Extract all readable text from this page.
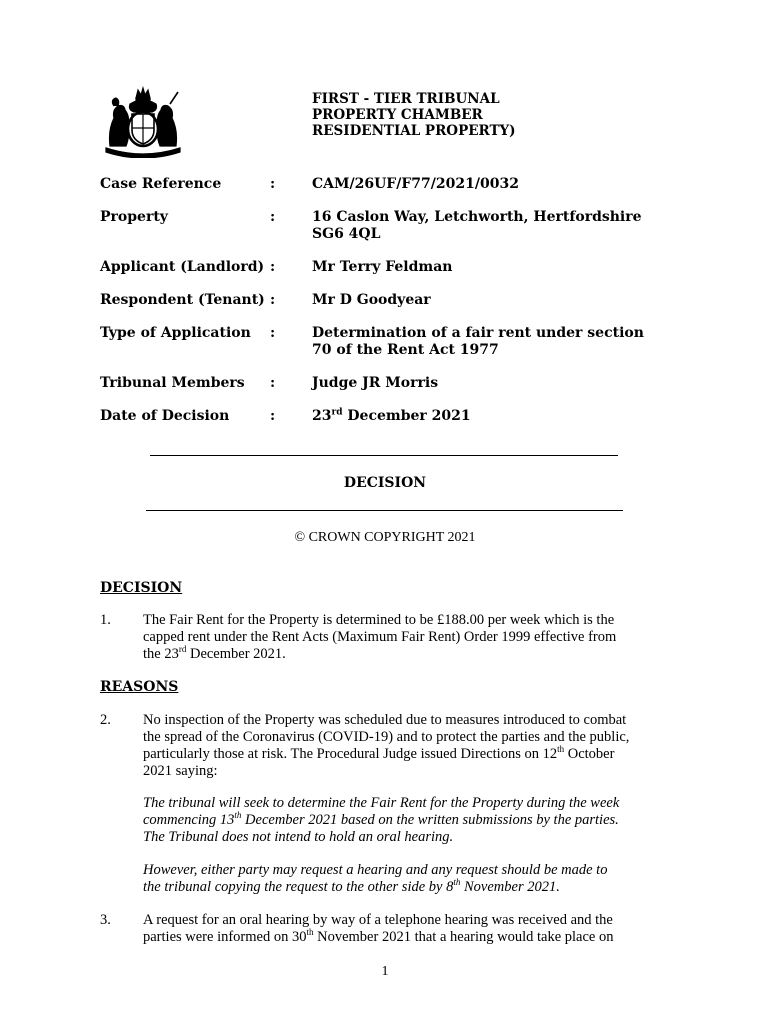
FIRST - TIER TRIBUNAL
PROPERTY CHAMBER
RESIDENTIAL PROPERTY)
Case Reference	:	CAM/26UF/F77/2021/0032
Property	:	16 Caslon Way, Letchworth, Hertfordshire
SG6 4QL
Applicant (Landlord) :	Mr Terry Feldman
Respondent (Tenant) :	Mr D Goodyear
Type of Application :	Determination of a fair rent under section
70 of the Rent Act 1977
Tribunal Members :	Judge JR Morris
Date of Decision	:	23rd December 2021
DECISION
© CROWN COPYRIGHT 2021
DECISION
1. The Fair Rent for the Property is determined to be £188.00 per week which is the
capped rent under the Rent Acts (Maximum Fair Rent) Order 1999 effective from
the 23rd December 2021.
REASONS
2. No inspection of the Property was scheduled due to measures introduced to combat
the spread of the Coronavirus (COVID-19) and to protect the parties and the public,
particularly those at risk. The Procedural Judge issued Directions on 12th October
2021 saying:
The tribunal will seek to determine the Fair Rent for the Property during the week
commencing 13th December 2021 based on the written submissions by the parties.
The Tribunal does not intend to hold an oral hearing.
However, either party may request a hearing and any request should be made to
the tribunal copying the request to the other side by 8th November 2021.
3. A request for an oral hearing by way of a telephone hearing was received and the
parties were informed on 30th November 2021 that a hearing would take place on
1
